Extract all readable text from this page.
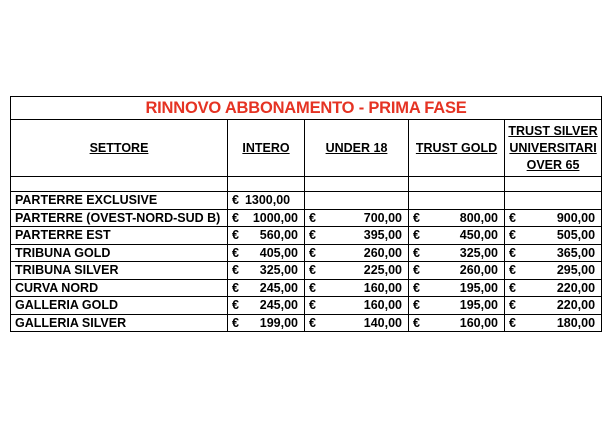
RINNOVO ABBONAMENTO - PRIMA FASE				
SETTORE	INTERO	UNDER 18	TRUST GOLD	TRUST SILVER
UNIVERSITARI
OVER 65

PARTERRE EXCLUSIVE	€ 1300,00			
PARTERRE (OVEST-NORD-SUD B)	€ 1000,00	€ 700,00	€ 800,00	€ 900,00

PARTERRE EST	€ 560,00	€ 395,00	€ 450,00	€ 505,00

TRIBUNA GOLD	€ 405,00	€ 260,00	€ 325,00	€ 365,00

TRIBUNA SILVER	€ 325,00	€ 225,00	€ 260,00	€ 295,00

CURVA NORD	€ 245,00	€ 160,00	€ 195,00	€ 220,00

GALLERIA GOLD	€ 245,00	€ 160,00	€ 195,00	€ 220,00

GALLERIA SILVER	€ 199,00	€ 140,00	€ 160,00	€ 180,00
